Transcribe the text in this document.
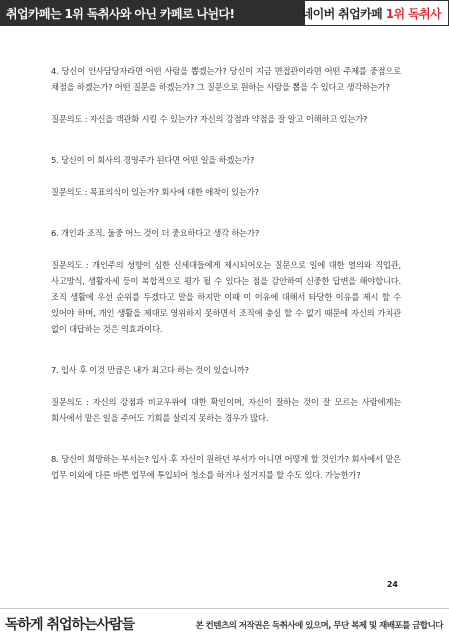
취업카페는 1위 독취사와 아닌 카페로 나뉜다!	네이버 취업카페 1위 독취사

4. 당신이 인사담당자라면 어떤 사람을 뽑겠는가? 당신이 지금 면접관이라면 어떤 주제를 중점으로 채점을 하겠는가? 어떤 질문을 하겠는가? 그 질문으로 원하는 사람을 뽑을 수 있다고 생각하는가?

질문의도 : 자신을 객관화 시킬 수 있는가? 자신의 강점과 약점을 잘 알고 이해하고 있는가?

5. 당신이 이 회사의 경영주가 된다면 어떤 일을 하겠는가?

질문의도 : 목표의식이 있는가? 회사에 대한 애착이 있는가?

6. 개인과 조직. 둘중 어느 것이 더 중요하다고 생각 하는가?

질문의도 : 개인주의 성향이 심한 신세대들에게 제시되어오는 질문으로 일에 대한 열의와 직업관, 사고방식, 생활자세 등이 복합적으로 평가 될 수 있다는 점을 감안하여 신중한 답변을 해야합니다. 조직 생활에 우선 순위를 두겠다고 말을 하지만 이때 이 이유에 대해서 타당한 이유를 제시 할 수 있어야 하며, 개인 생활을 제대로 영위하지 못하면서 조직에 충실 할 수 없기 때문에 자신의 가치관 없이 대답하는 것은 역효과이다.

7. 입사 후 이것 만큼은 내가 최고다 하는 것이 있습니까?

질문의도 : 자신의 강점과 비교우위에 대한 확인이며, 자신이 잘하는 것이 잘 모르는 사람에게는 회사에서 맡은 일을 주어도 기회를 살리지 못하는 경우가 많다.

8. 당신이 희망하는 부서는? 입사 후 자신이 원하던 부서가 아니면 어떻게 할 것인가? 회사에서 맡은 업무 이외에 다른 바쁜 업무에 투입되어 청소를 하거나 설거지를 할 수도 있다. 가능한가?

24
독하게 취업하는사람들	본 컨텐츠의 저작권은 독취사에 있으며, 무단 복제 및 재배포를 금합니다
